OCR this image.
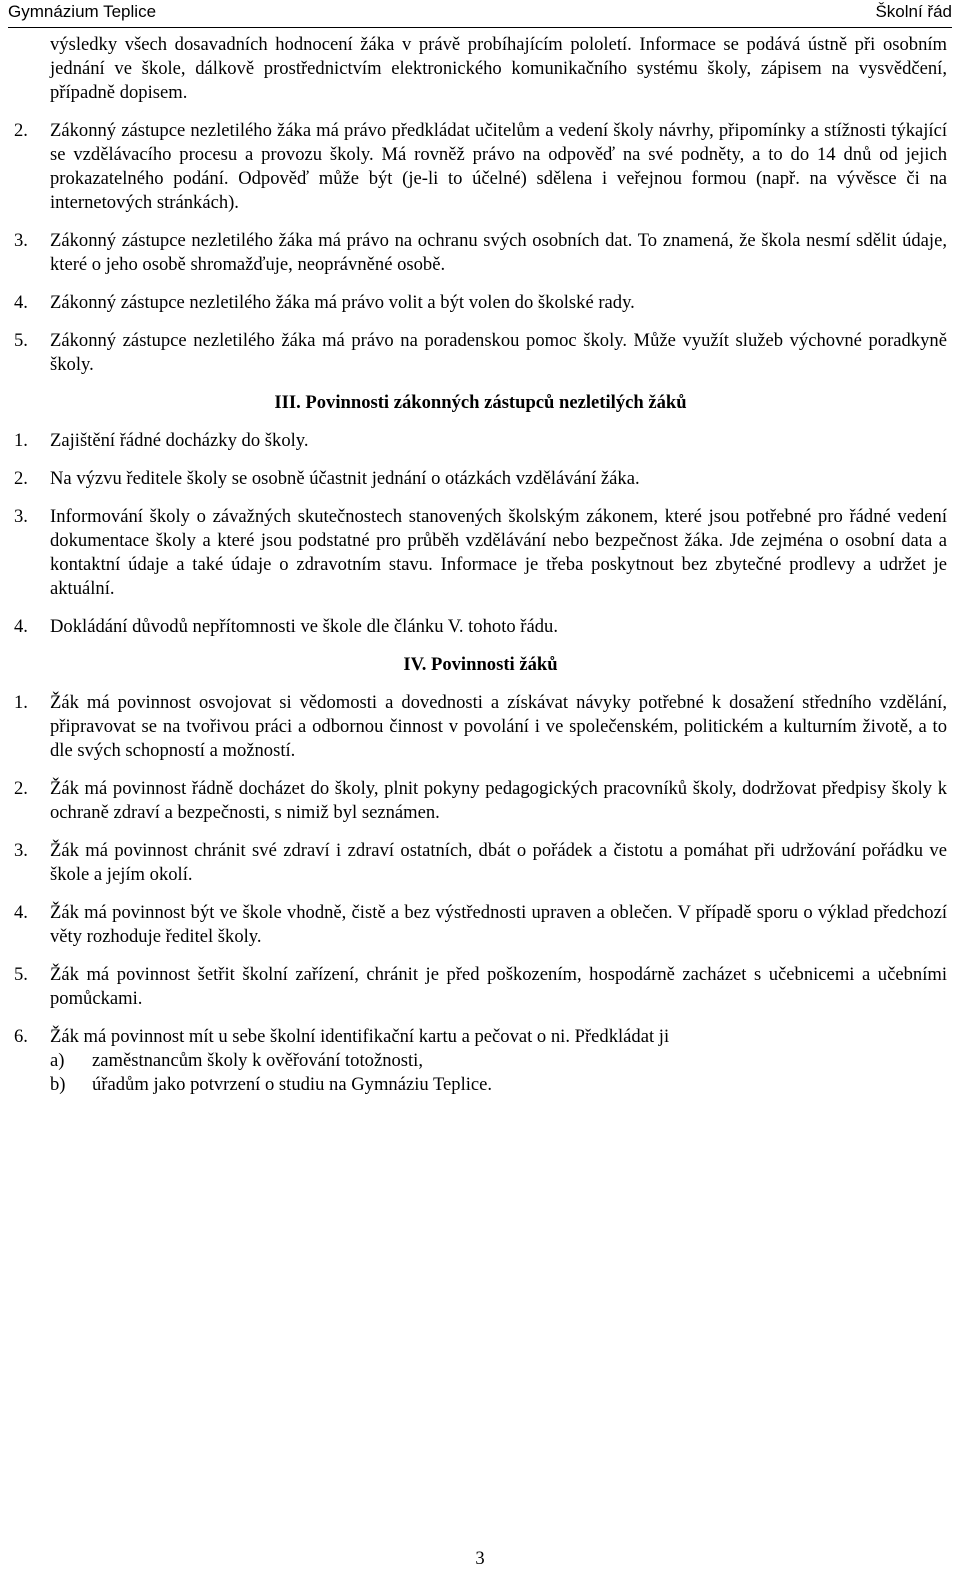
Gymnázium Teplice	Školní řád

výsledky všech dosavadních hodnocení žáka v právě probíhajícím pololetí. Informace se podává ústně při osobním jednání ve škole, dálkově prostřednictvím elektronického komunikačního systému školy, zápisem na vysvědčení, případně dopisem.

2. Zákonný zástupce nezletilého žáka má právo předkládat učitelům a vedení školy návrhy, připomínky a stížnosti týkající se vzdělávacího procesu a provozu školy. Má rovněž právo na odpověď na své podněty, a to do 14 dnů od jejich prokazatelného podání. Odpověď může být (je-li to účelné) sdělena i veřejnou formou (např. na vývěsce či na internetových stránkách).
3. Zákonný zástupce nezletilého žáka má právo na ochranu svých osobních dat. To znamená, že škola nesmí sdělit údaje, které o jeho osobě shromažďuje, neoprávněné osobě.
4. Zákonný zástupce nezletilého žáka má právo volit a být volen do školské rady.
5. Zákonný zástupce nezletilého žáka má právo na poradenskou pomoc školy. Může využít služeb výchovné poradkyně školy.
III. Povinnosti zákonných zástupců nezletilých žáků
1. Zajištění řádné docházky do školy.
2. Na výzvu ředitele školy se osobně účastnit jednání o otázkách vzdělávání žáka.
3. Informování školy o závažných skutečnostech stanovených školským zákonem, které jsou potřebné pro řádné vedení dokumentace školy a které jsou podstatné pro průběh vzdělávání nebo bezpečnost žáka. Jde zejména o osobní data a kontaktní údaje a také údaje o zdravotním stavu. Informace je třeba poskytnout bez zbytečné prodlevy a udržet je aktuální.
4. Dokládání důvodů nepřítomnosti ve škole dle článku V. tohoto řádu.
IV. Povinnosti žáků
1. Žák má povinnost osvojovat si vědomosti a dovednosti a získávat návyky potřebné k dosažení středního vzdělání, připravovat se na tvořivou práci a odbornou činnost v povolání i ve společenském, politickém a kulturním životě, a to dle svých schopností a možností.
2. Žák má povinnost řádně docházet do školy, plnit pokyny pedagogických pracovníků školy, dodržovat předpisy školy k ochraně zdraví a bezpečnosti, s nimiž byl seznámen.
3. Žák má povinnost chránit své zdraví i zdraví ostatních, dbát o pořádek a čistotu a pomáhat při udržování pořádku ve škole a jejím okolí.
4. Žák má povinnost být ve škole vhodně, čistě a bez výstřednosti upraven a oblečen. V případě sporu o výklad předchozí věty rozhoduje ředitel školy.
5. Žák má povinnost šetřit školní zařízení, chránit je před poškozením, hospodárně zacházet s učebnicemi a učebními pomůckami.
6. Žák má povinnost mít u sebe školní identifikační kartu a pečovat o ni. Předkládat ji
a) zaměstnancům školy k ověřování totožnosti,
b) úřadům jako potvrzení o studiu na Gymnáziu Teplice.
3
